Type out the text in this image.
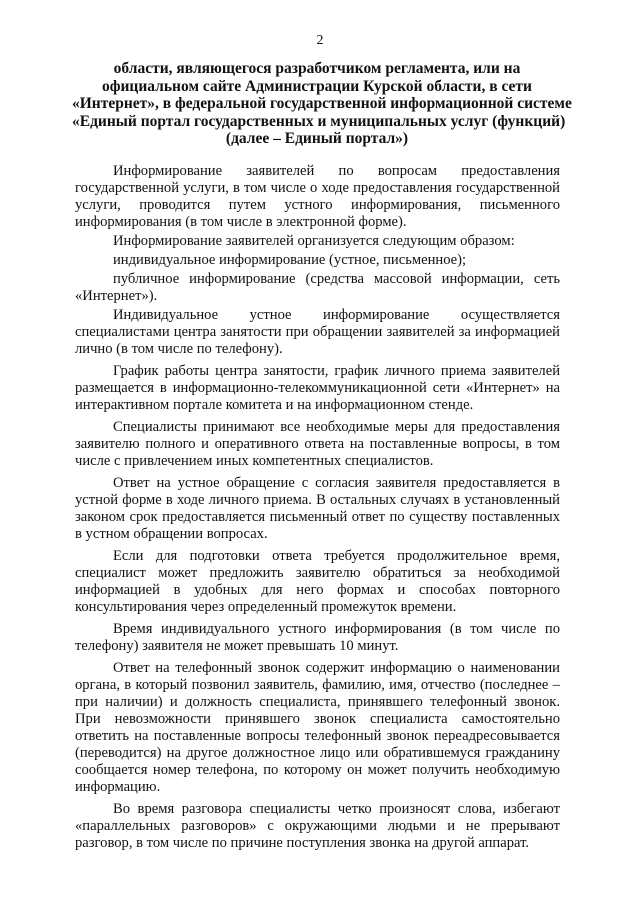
2
области, являющегося разработчиком регламента, или на
официальном сайте Администрации Курской области, в сети
«Интернет», в федеральной государственной информационной системе
«Единый портал государственных и муниципальных услуг (функций)
(далее – Единый портал»)

Информирование заявителей по вопросам предоставления государственной услуги, в том числе о ходе предоставления государственной услуги, проводится путем устного информирования, письменного информирования (в том числе в электронной форме).

Информирование заявителей организуется следующим образом:

индивидуальное информирование (устное, письменное);

публичное информирование (средства массовой информации, сеть «Интернет»).

Индивидуальное устное информирование осуществляется специалистами центра занятости при обращении заявителей за информацией лично (в том числе по телефону).

График работы центра занятости, график личного приема заявителей размещается в информационно-телекоммуникационной сети «Интернет» на интерактивном портале комитета и на информационном стенде.

Специалисты принимают все необходимые меры для предоставления заявителю полного и оперативного ответа на поставленные вопросы, в том числе с привлечением иных компетентных специалистов.

Ответ на устное обращение с согласия заявителя предоставляется в устной форме в ходе личного приема. В остальных случаях в установленный законом срок предоставляется письменный ответ по существу поставленных в устном обращении вопросах.

Если для подготовки ответа требуется продолжительное время, специалист может предложить заявителю обратиться за необходимой информацией в удобных для него формах и способах повторного консультирования через определенный промежуток времени.

Время индивидуального устного информирования (в том числе по телефону) заявителя не может превышать 10 минут.

Ответ на телефонный звонок содержит информацию о наименовании органа, в который позвонил заявитель, фамилию, имя, отчество (последнее – при наличии) и должность специалиста, принявшего телефонный звонок. При невозможности принявшего звонок специалиста самостоятельно ответить на поставленные вопросы телефонный звонок переадресовывается (переводится) на другое должностное лицо или обратившемуся гражданину сообщается номер телефона, по которому он может получить необходимую информацию.

Во время разговора специалисты четко произносят слова, избегают «параллельных разговоров» с окружающими людьми и не прерывают разговор, в том числе по причине поступления звонка на другой аппарат.
